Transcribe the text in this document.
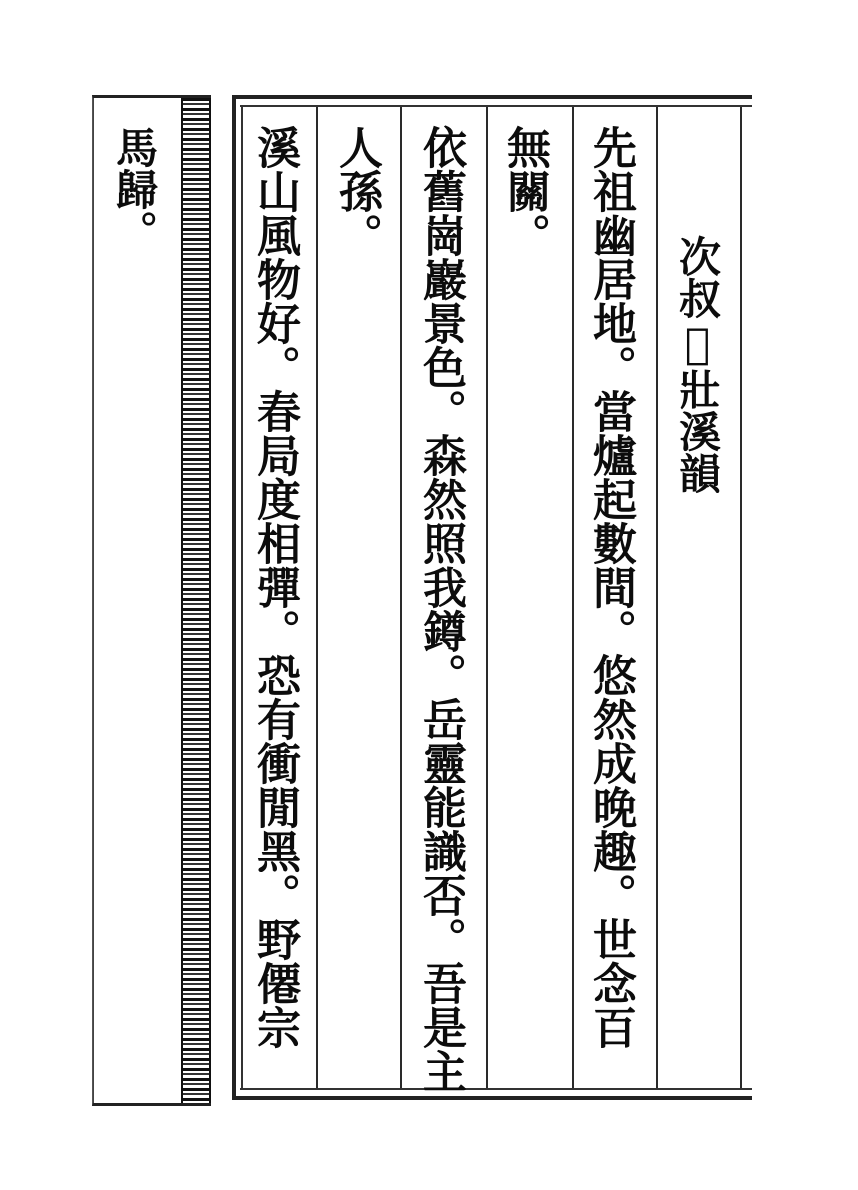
馬歸。
次叔𥠖壯溪韻
先祖幽居地。當爐起數間。悠然成晚趣。世念百
無關。
依舊崗巖景色。森然照我鐏。岳靈能識否。吾是主
人孫。
溪山風物好。春局度相彈。恐有衝閒黑。野僊宗
